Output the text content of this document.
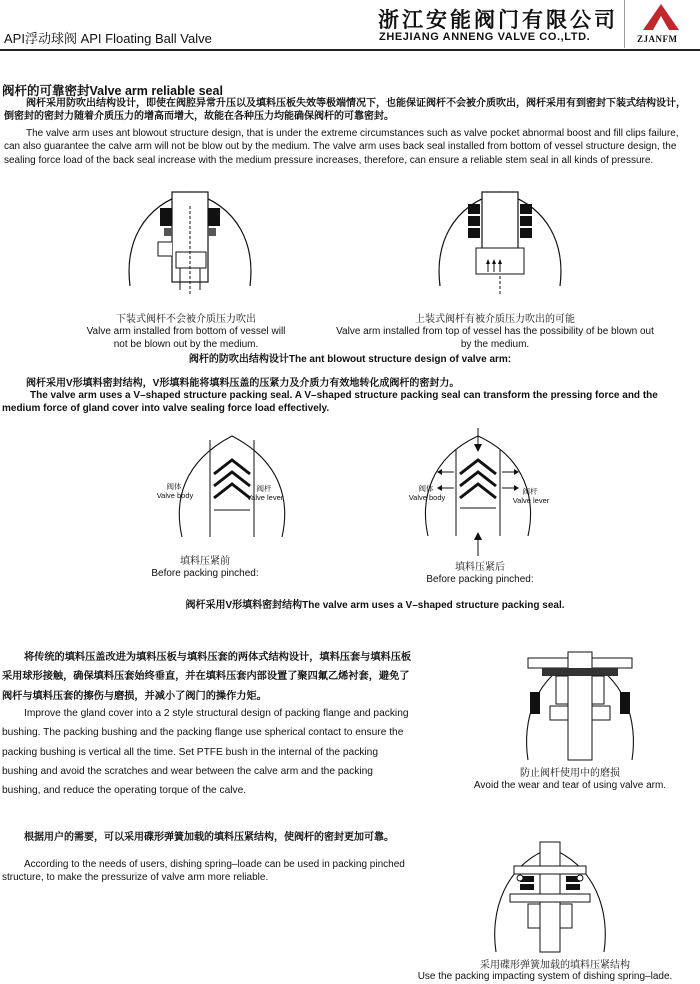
API浮动球阀 API Floating Ball Valve
浙江安能阀门有限公司
ZHEJIANG ANNENG VALVE CO.,LTD.	ZJANFM
阀杆的可靠密封Valve arm reliable seal
阀杆采用防吹出结构设计，即使在阀腔异常升压以及填料压板失效等极端情况下，也能保证阀杆不会被介质吹出，阀杆采用有到密封下装式结构设计，倒密封的密封力随着介质压力的增高而增大，故能在各种压力均能确保阀杆的可靠密封。
The valve arm uses ant blowout structure design, that is under the extreme circumstances such as valve pocket abnormal boost and fill clips failure, can also guarantee the calve arm will not be blow out by the medium. The valve arm uses back seal installed from bottom of vessel structure design, the sealing force load of the back seal increase with the medium pressure increases, therefore, can ensure a reliable stem seal in all kinds of pressure.
下装式阀杆不会被介质压力吹出
Valve arm installed from bottom of vessel will not be blown out by the medium.
上装式阀杆有被介质压力吹出的可能
Valve arm installed from top of vessel has the possibility of be blown out by the medium.
阀杆的防吹出结构设计The ant blowout structure design of valve arm:
阀杆采用V形填料密封结构，V形填料能将填料压盖的压紧力及介质力有效地转化成阀杆的密封力。
The valve arm uses a V–shaped structure packing seal. A V–shaped structure packing seal can transform the pressing force and the medium force of gland cover into valve sealing force load effectively.
阀体
Valve body
阀杆
Valve lever
填料压紧前
Before packing pinched:
阀体
Valve body
阀杆
Valve lever
填料压紧后
Before packing pinched:
阀杆采用V形填料密封结构The valve arm uses a V–shaped structure packing seal.
将传统的填料压盖改进为填料压板与填料压套的两体式结构设计，填料压套与填料压板采用球形接触，确保填料压套始终垂直，并在填料压套内部设置了聚四氟乙烯衬套，避免了阀杆与填料压套的擦伤与磨损，并减小了阀门的操作力矩。
Improve the gland cover into a 2 style structural design of packing flange and packing bushing. The packing bushing and the packing flange use spherical contact to ensure the packing bushing is vertical all the time. Set PTFE bush in the internal of the packing bushing and avoid the scratches and wear between the calve arm and the packing bushing, and reduce the operating torque of the calve.
防止阀杆使用中的磨损
Avoid the wear and tear of using valve arm.
根据用户的需要，可以采用碟形弹簧加载的填料压紧结构，使阀杆的密封更加可靠。
According to the needs of users, dishing spring–loade can be used in packing pinched structure, to make the pressurize of valve arm more reliable.
采用碟形弹簧加载的填料压紧结构
Use the packing impacting system of dishing spring–lade.
